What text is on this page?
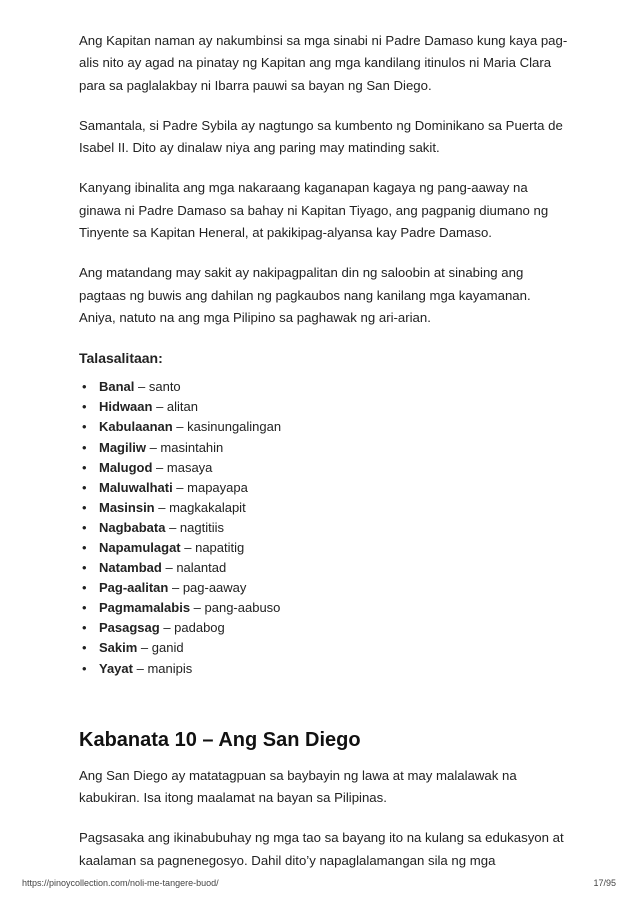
Ang Kapitan naman ay nakumbinsi sa mga sinabi ni Padre Damaso kung kaya pag-alis nito ay agad na pinatay ng Kapitan ang mga kandilang itinulos ni Maria Clara para sa paglalakbay ni Ibarra pauwi sa bayan ng San Diego.

Samantala, si Padre Sybila ay nagtungo sa kumbento ng Dominikano sa Puerta de Isabel II. Dito ay dinalaw niya ang paring may matinding sakit.

Kanyang ibinalita ang mga nakaraang kaganapan kagaya ng pang-aaway na ginawa ni Padre Damaso sa bahay ni Kapitan Tiyago, ang pagpanig diumano ng Tinyente sa Kapitan Heneral, at pakikipag-alyansa kay Padre Damaso.

Ang matandang may sakit ay nakipagpalitan din ng saloobin at sinabing ang pagtaas ng buwis ang dahilan ng pagkaubos nang kanilang mga kayamanan. Aniya, natuto na ang mga Pilipino sa paghawak ng ari-arian.

Talasalitaan:
• Banal – santo
• Hidwaan – alitan
• Kabulaanan – kasinungalingan
• Magiliw – masintahin
• Malugod – masaya
• Maluwalhati – mapayapa
• Masinsin – magkakalapit
• Nagbabata – nagtitiis
• Napamulagat – napatitig
• Natambad – nalantad
• Pag-aalitan – pag-aaway
• Pagmamalabis – pang-aabuso
• Pasagsag – padabog
• Sakim – ganid
• Yayat – manipis
Kabanata 10 – Ang San Diego

Ang San Diego ay matatagpuan sa baybayin ng lawa at may malalawak na kabukiran. Isa itong maalamat na bayan sa Pilipinas.

Pagsasaka ang ikinabubuhay ng mga tao sa bayang ito na kulang sa edukasyon at kaalaman sa pagnenegosyo. Dahil dito’y napaglalamangan sila ng mga

https://pinoycollection.com/noli-me-tangere-buod/	17/95
